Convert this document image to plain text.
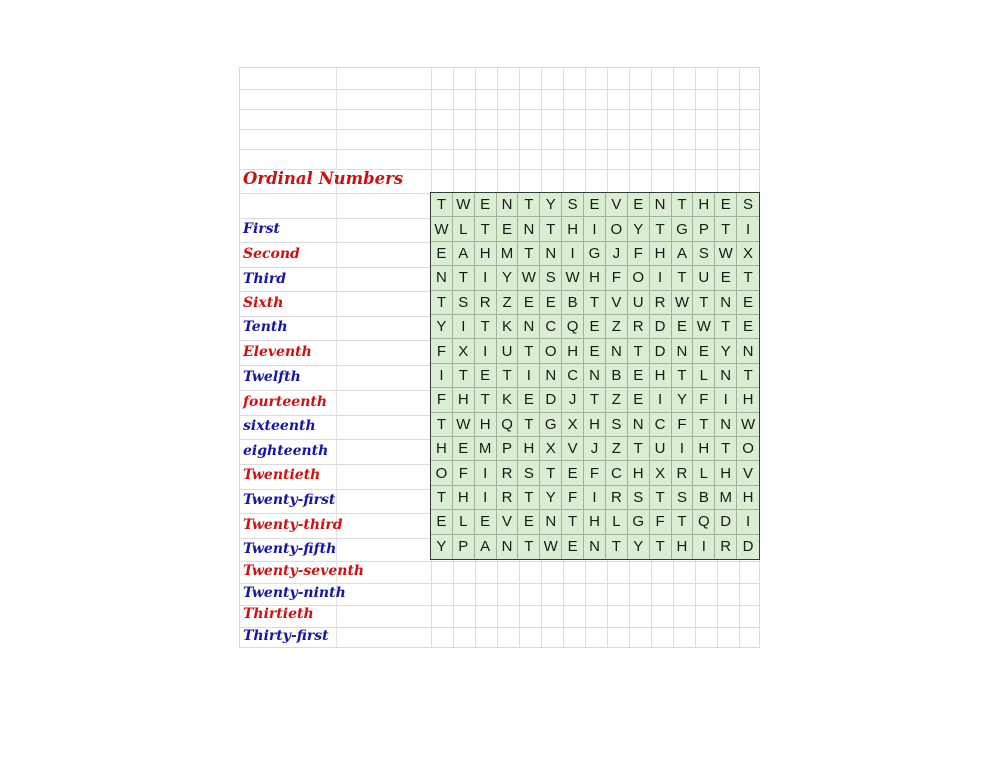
Ordinal Numbers
First
Second
Third
Sixth
Tenth
Eleventh
Twelfth
fourteenth
sixteenth
eighteenth
Twentieth
Twenty-first
Twenty-third
Twenty-fifth
Twenty-seventh
Twenty-ninth
Thirtieth
Thirty-first
T W E N T Y S E V E N T H E S
W L T E N T H I O Y T G P T	I
E A H M T N I G J F H A S W X
N T	I Y W S W H F O I	T U E T
T S R Z E E B T V U R W T N E
Y I	T K N C Q E Z R D E W T E
F X I U T O H E N T D N E Y N
I	T E T	I N C N B E H T L N T
F H T K E D J T Z E I Y F	I H
T W H Q T G X H S N C F T N W
H E M P H X V J Z T U I H T O
O F	I R S T E F C H X R L H V
T H I R T Y F	I R S T S B M H
E L E V E N T H L G F T Q D I
Y P A N T W E N T Y T H I R D
